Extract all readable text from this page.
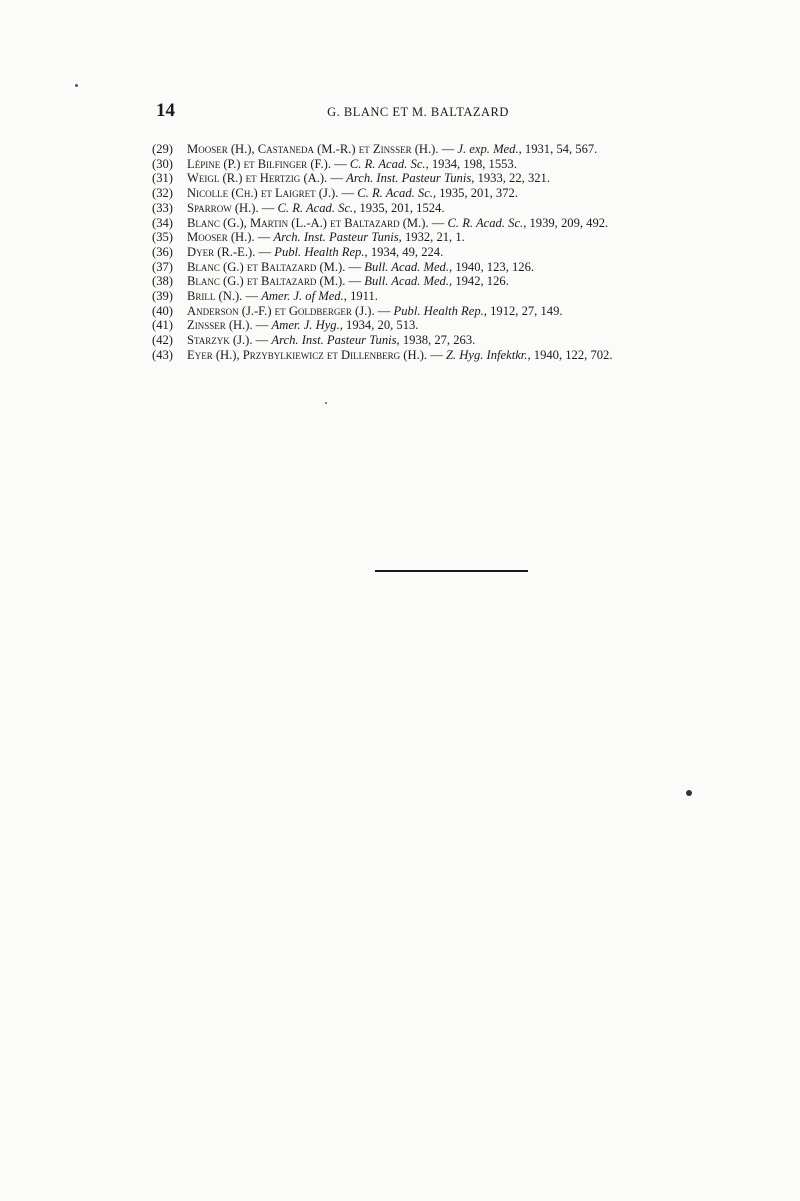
14	G. BLANC ET M. BALTAZARD
(29)	Mooser (H.), Castaneda (M.-R.) et Zinsser (H.). — J. exp. Med., 1931, 54, 567.
(30)	Lépine (P.) et Bilfinger (F.). — C. R. Acad. Sc., 1934, 198, 1553.
(31)	Weigl (R.) et Hertzig (A.). — Arch. Inst. Pasteur Tunis, 1933, 22, 321.
(32)	Nicolle (Ch.) et Laigret (J.). — C. R. Acad. Sc., 1935, 201, 372.
(33)	Sparrow (H.). — C. R. Acad. Sc., 1935, 201, 1524.
(34)	Blanc (G.), Martin (L.-A.) et Baltazard (M.). — C. R. Acad. Sc., 1939, 209, 492.
(35)	Mooser (H.). — Arch. Inst. Pasteur Tunis, 1932, 21, 1.
(36)	Dyer (R.-E.). — Publ. Health Rep., 1934, 49, 224.
(37)	Blanc (G.) et Baltazard (M.). — Bull. Acad. Med., 1940, 123, 126.
(38)	Blanc (G.) et Baltazard (M.). — Bull. Acad. Med., 1942, 126.
(39)	Brill (N.). — Amer. J. of Med., 1911.
(40)	Anderson (J.-F.) et Goldberger (J.). — Publ. Health Rep., 1912, 27, 149.
(41)	Zinsser (H.). — Amer. J. Hyg., 1934, 20, 513.
(42)	Starzyk (J.). — Arch. Inst. Pasteur Tunis, 1938, 27, 263.
(43)	Eyer (H.), Przybylkiewicz et Dillenberg (H.). — Z. Hyg. Infektkr., 1940, 122, 702.
